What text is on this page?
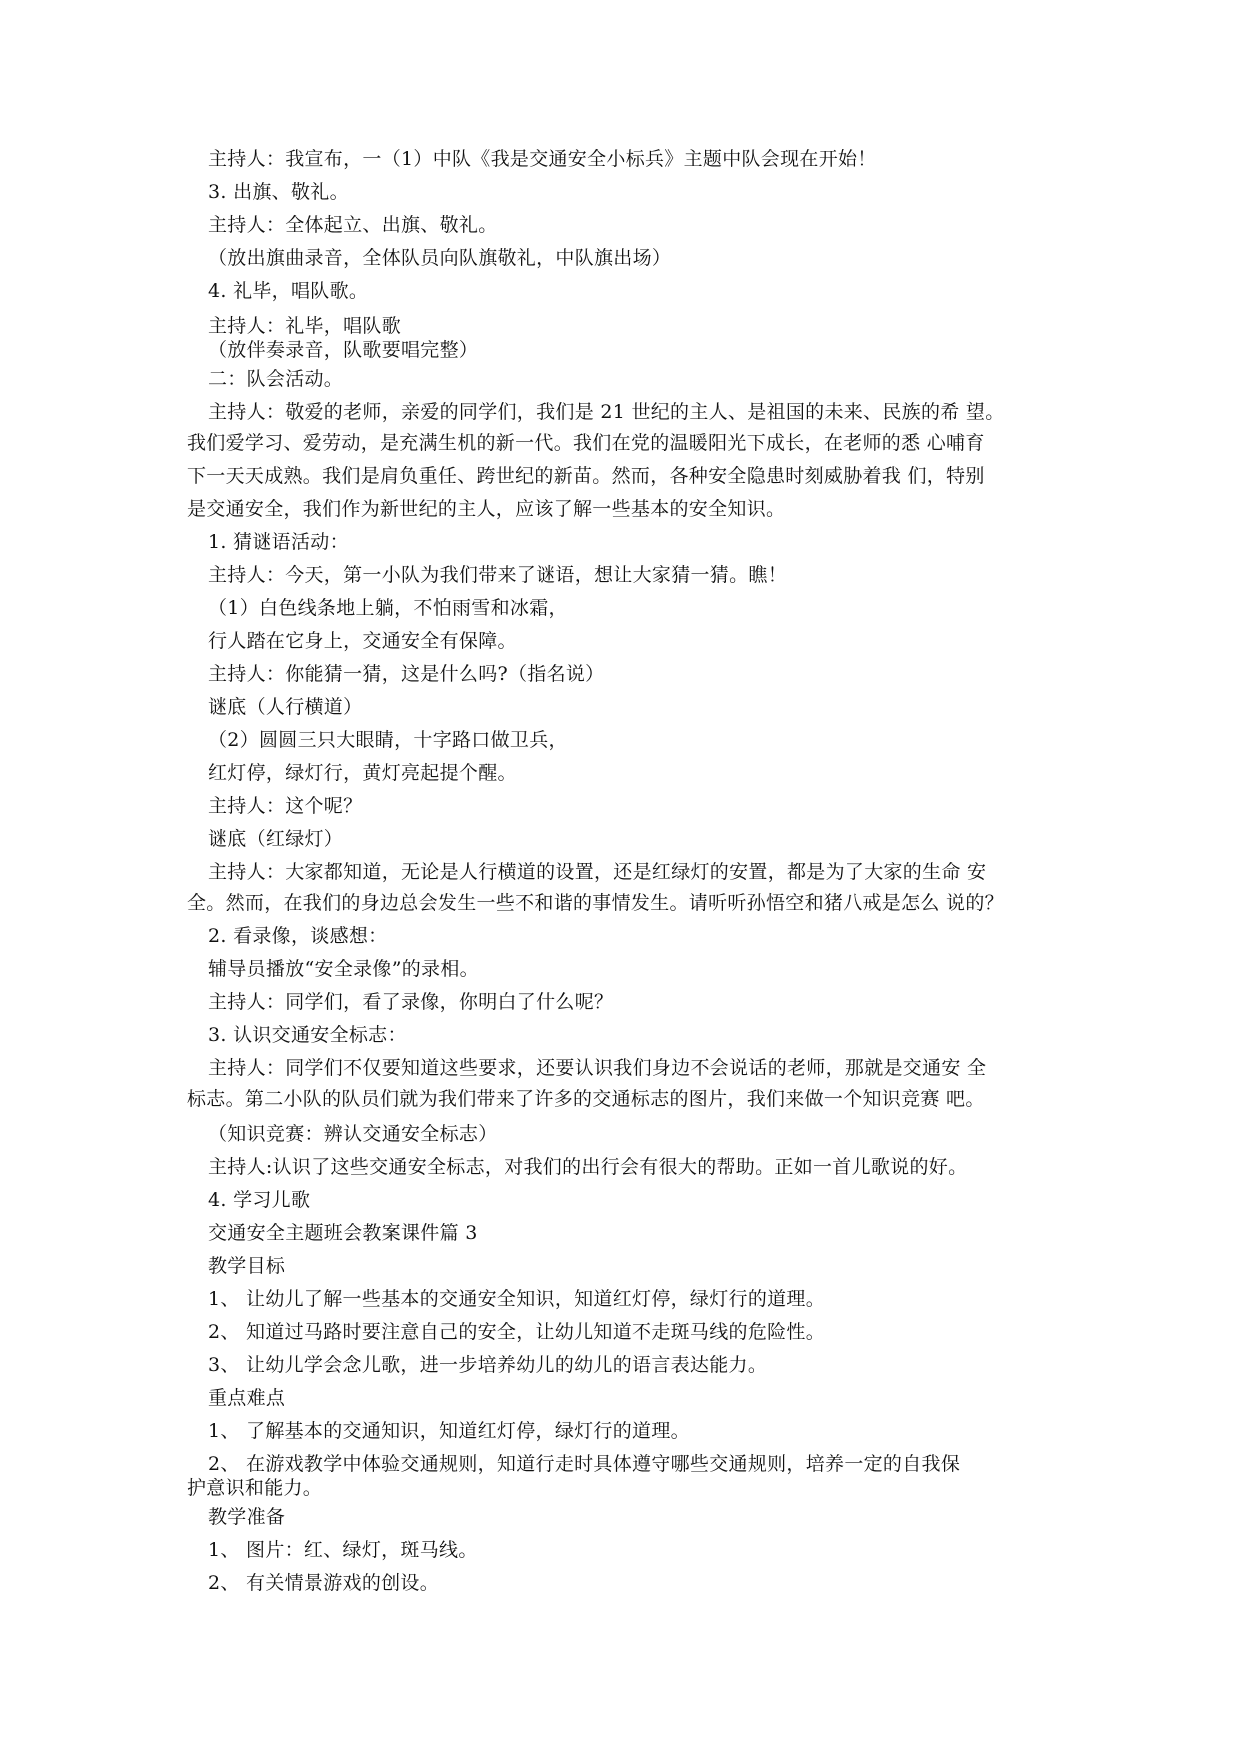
主持人：我宣布，一（1）中队《我是交通安全小标兵》主题中队会现在开始！
3. 出旗、敬礼。
主持人：全体起立、出旗、敬礼。
（放出旗曲录音，全体队员向队旗敬礼，中队旗出场）
4. 礼毕，唱队歌。
主持人：礼毕，唱队歌
（放伴奏录音，队歌要唱完整）
二：队会活动。
主持人：敬爱的老师，亲爱的同学们，我们是 21 世纪的主人、是祖国的未来、民族的希 望。
我们爱学习、爱劳动，是充满生机的新一代。我们在党的温暖阳光下成长，在老师的悉 心哺育
下一天天成熟。我们是肩负重任、跨世纪的新苗。然而，各种安全隐患时刻威胁着我 们，特别
是交通安全，我们作为新世纪的主人，应该了解一些基本的安全知识。
1. 猜谜语活动：
主持人：今天，第一小队为我们带来了谜语，想让大家猜一猜。瞧！
（1）白色线条地上躺，不怕雨雪和冰霜，
行人踏在它身上，交通安全有保障。
主持人：你能猜一猜，这是什么吗?（指名说）
谜底（人行横道）
（2）圆圆三只大眼睛，十字路口做卫兵，
红灯停，绿灯行，黄灯亮起提个醒。
主持人：这个呢？
谜底（红绿灯）
主持人：大家都知道，无论是人行横道的设置，还是红绿灯的安置，都是为了大家的生命 安
全。然而，在我们的身边总会发生一些不和谐的事情发生。请听听孙悟空和猪八戒是怎么 说的？
2. 看录像，谈感想：
辅导员播放“安全录像”的录相。
主持人：同学们，看了录像，你明白了什么呢？
3. 认识交通安全标志：
主持人：同学们不仅要知道这些要求，还要认识我们身边不会说话的老师，那就是交通安 全
标志。第二小队的队员们就为我们带来了许多的交通标志的图片，我们来做一个知识竞赛 吧。
（知识竞赛：辨认交通安全标志）
主持人:认识了这些交通安全标志，对我们的出行会有很大的帮助。正如一首儿歌说的好。
4. 学习儿歌
交通安全主题班会教案课件篇 3
教学目标
1、 让幼儿了解一些基本的交通安全知识，知道红灯停，绿灯行的道理。
2、 知道过马路时要注意自己的安全，让幼儿知道不走斑马线的危险性。
3、 让幼儿学会念儿歌，进一步培养幼儿的幼儿的语言表达能力。
重点难点
1、 了解基本的交通知识，知道红灯停，绿灯行的道理。
2、 在游戏教学中体验交通规则，知道行走时具体遵守哪些交通规则，培养一定的自我保
护意识和能力。
教学准备
1、 图片：红、绿灯，斑马线。
2、 有关情景游戏的创设。
